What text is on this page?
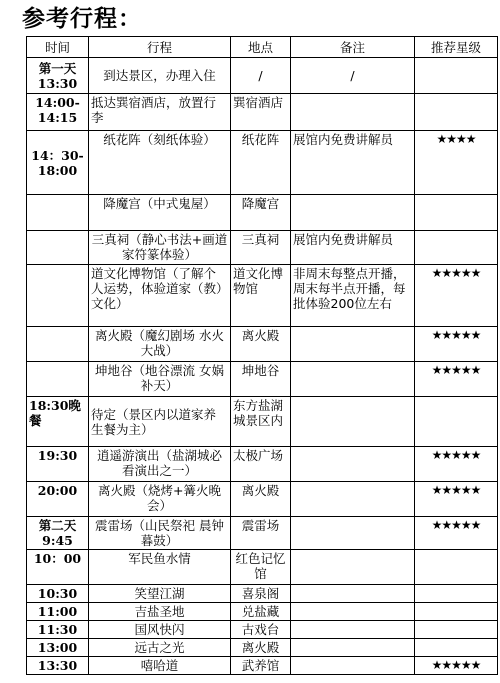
参考行程：
时间	行程	地点	备注	推荐星级
第一天
13:30	到达景区，办理入住	/	/	
14:00-
14:15	抵达巽宿酒店，放置行李	巽宿酒店		
14：30-
18:00	纸花阵（刻纸体验）	纸花阵	展馆内免费讲解员	★★★★
	降魔宫（中式鬼屋）	降魔宫		
	三真祠（静心书法+画道家符篆体验）	三真祠	展馆内免费讲解员	
	道文化博物馆（了解个人运势，体验道家（教）文化）	道文化博物馆	非周末每整点开播，周末每半点开播，每批体验200位左右	★★★★★
	离火殿（魔幻剧场 水火大战）	离火殿		★★★★★
	坤地谷（地谷漂流 女娲补天）	坤地谷		★★★★★
18:30晚餐	待定（景区内以道家养生餐为主）	东方盐湖城景区内		
19:30	逍遥游演出（盐湖城必看演出之一）	太极广场		★★★★★
20:00	离火殿（烧烤+篝火晚会）	离火殿		★★★★★
第二天
9:45	震雷场（山民祭祀 晨钟暮鼓）	震雷场		★★★★★
10：00	军民鱼水情	红色记忆馆		
10:30	笑望江湖	喜泉阁		
11:00	吉盐圣地	兑盐藏		
11:30	国风快闪	古戏台		
13:00	远古之光	离火殿		
13:30	嘻哈道	武养馆		★★★★★
